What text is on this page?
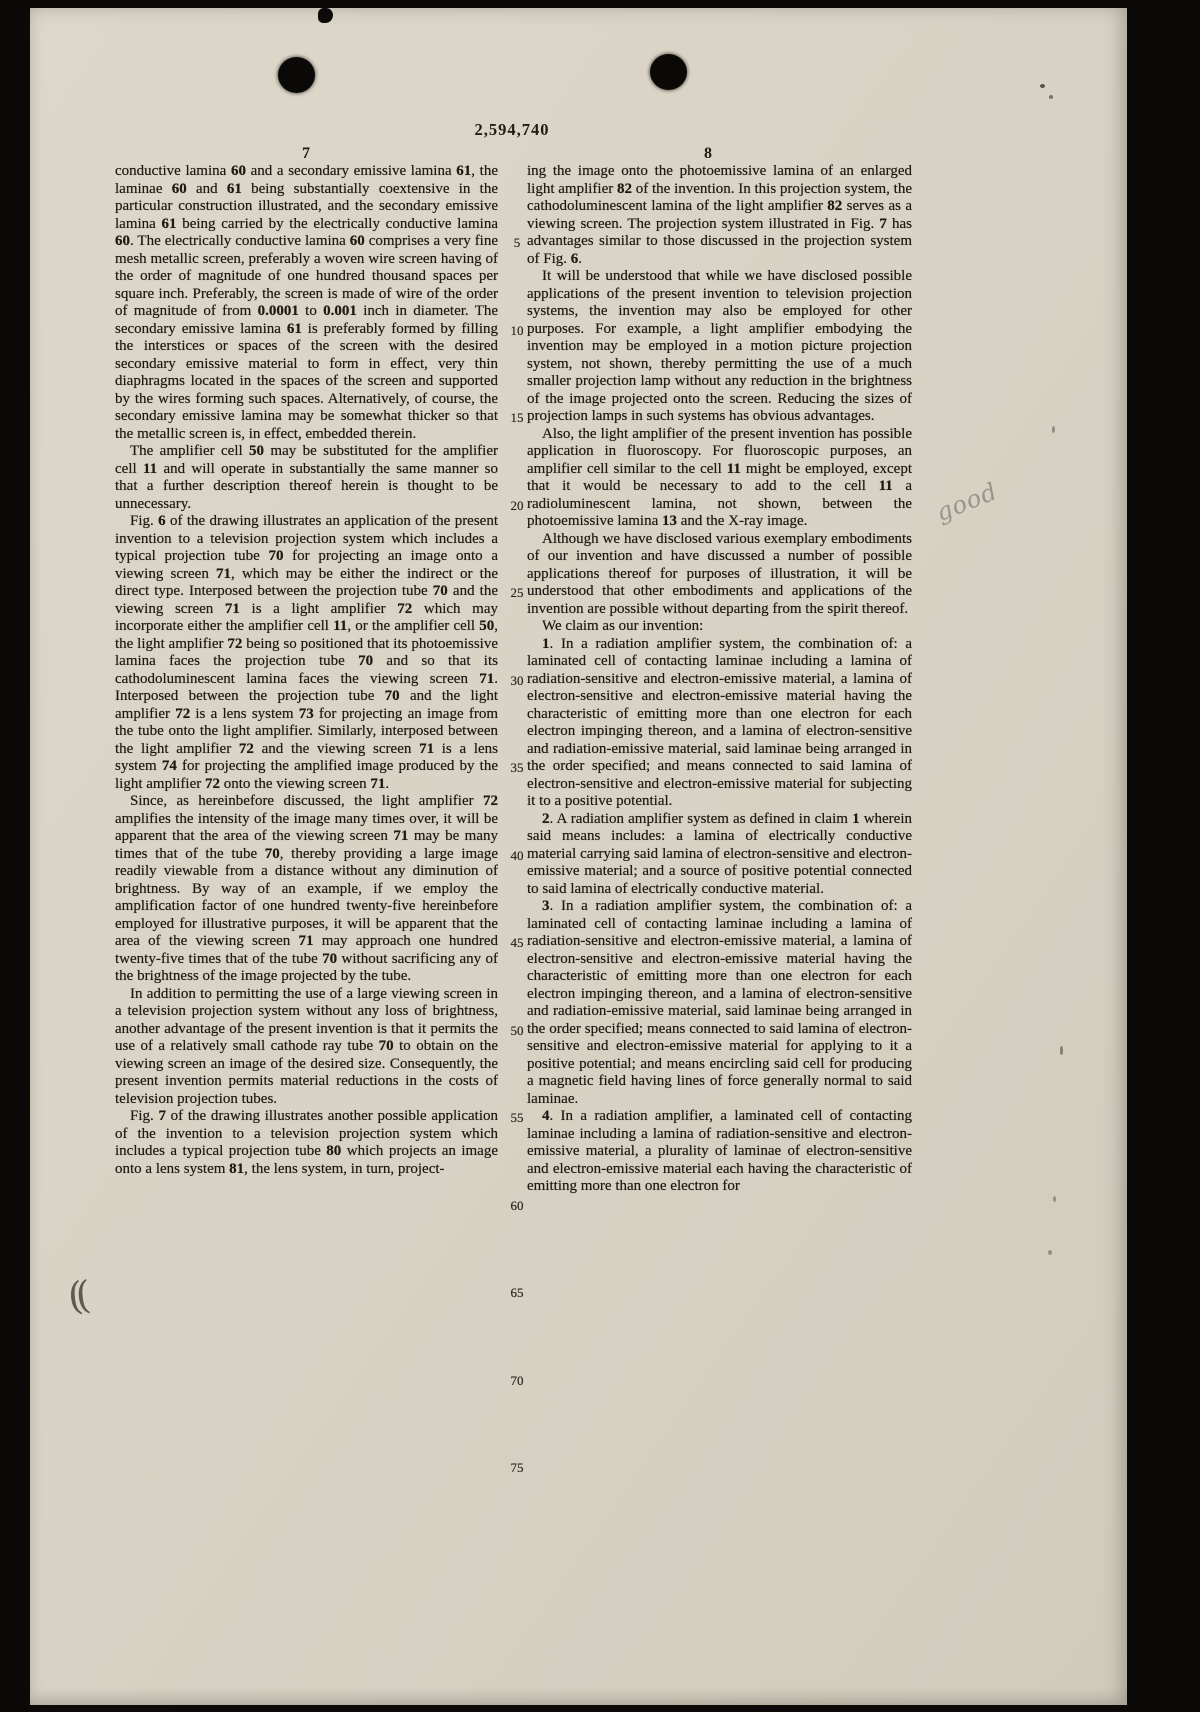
2,594,740
7	8

conductive lamina 60 and a secondary emissive lamina 61, the laminae 60 and 61 being substantially coextensive in the particular construction illustrated, and the secondary emissive lamina 61 being carried by the electrically conductive lamina 60. The electrically conductive lamina 60 comprises a very fine mesh metallic screen, preferably a woven wire screen having of the order of magnitude of one hundred thousand spaces per square inch. Preferably, the screen is made of wire of the order of magnitude of from 0.0001 to 0.001 inch in diameter. The secondary emissive lamina 61 is preferably formed by filling the interstices or spaces of the screen with the desired secondary emissive material to form in effect, very thin diaphragms located in the spaces of the screen and supported by the wires forming such spaces. Alternatively, of course, the secondary emissive lamina may be somewhat thicker so that the metallic screen is, in effect, embedded therein.

The amplifier cell 50 may be substituted for the amplifier cell 11 and will operate in substantially the same manner so that a further description thereof herein is thought to be unnecessary.

Fig. 6 of the drawing illustrates an application of the present invention to a television projection system which includes a typical projection tube 70 for projecting an image onto a viewing screen 71, which may be either the indirect or the direct type. Interposed between the projection tube 70 and the viewing screen 71 is a light amplifier 72 which may incorporate either the amplifier cell 11, or the amplifier cell 50, the light amplifier 72 being so positioned that its photoemissive lamina faces the projection tube 70 and so that its cathodoluminescent lamina faces the viewing screen 71. Interposed between the projection tube 70 and the light amplifier 72 is a lens system 73 for projecting an image from the tube onto the light amplifier. Similarly, interposed between the light amplifier 72 and the viewing screen 71 is a lens system 74 for projecting the amplified image produced by the light amplifier 72 onto the viewing screen 71.

Since, as hereinbefore discussed, the light amplifier 72 amplifies the intensity of the image many times over, it will be apparent that the area of the viewing screen 71 may be many times that of the tube 70, thereby providing a large image readily viewable from a distance without any diminution of brightness. By way of an example, if we employ the amplification factor of one hundred twenty-five hereinbefore employed for illustrative purposes, it will be apparent that the area of the viewing screen 71 may approach one hundred twenty-five times that of the tube 70 without sacrificing any of the brightness of the image projected by the tube.

In addition to permitting the use of a large viewing screen in a television projection system without any loss of brightness, another advantage of the present invention is that it permits the use of a relatively small cathode ray tube 70 to obtain on the viewing screen an image of the desired size. Consequently, the present invention permits material reductions in the costs of television projection tubes.

Fig. 7 of the drawing illustrates another possible application of the invention to a television projection system which includes a typical projection tube 80 which projects an image onto a lens system 81, the lens system, in turn, project-

ing the image onto the photoemissive lamina of an enlarged light amplifier 82 of the invention. In this projection system, the cathodoluminescent lamina of the light amplifier 82 serves as a viewing screen. The projection system illustrated in Fig. 7 has advantages similar to those discussed in the projection system of Fig. 6.

It will be understood that while we have disclosed possible applications of the present invention to television projection systems, the invention may also be employed for other purposes. For example, a light amplifier embodying the invention may be employed in a motion picture projection system, not shown, thereby permitting the use of a much smaller projection lamp without any reduction in the brightness of the image projected onto the screen. Reducing the sizes of projection lamps in such systems has obvious advantages.

Also, the light amplifier of the present invention has possible application in fluoroscopy. For fluoroscopic purposes, an amplifier cell similar to the cell 11 might be employed, except that it would be necessary to add to the cell 11 a radioluminescent lamina, not shown, between the photoemissive lamina 13 and the X-ray image.

Although we have disclosed various exemplary embodiments of our invention and have discussed a number of possible applications thereof for purposes of illustration, it will be understood that other embodiments and applications of the invention are possible without departing from the spirit thereof.

We claim as our invention:

1. In a radiation amplifier system, the combination of: a laminated cell of contacting laminae including a lamina of radiation-sensitive and electron-emissive material, a lamina of electron-sensitive and electron-emissive material having the characteristic of emitting more than one electron for each electron impinging thereon, and a lamina of electron-sensitive and radiation-emissive material, said laminae being arranged in the order specified; and means connected to said lamina of electron-sensitive and electron-emissive material for subjecting it to a positive potential.

2. A radiation amplifier system as defined in claim 1 wherein said means includes: a lamina of electrically conductive material carrying said lamina of electron-sensitive and electron-emissive material; and a source of positive potential connected to said lamina of electrically conductive material.

3. In a radiation amplifier system, the combination of: a laminated cell of contacting laminae including a lamina of radiation-sensitive and electron-emissive material, a lamina of electron-sensitive and electron-emissive material having the characteristic of emitting more than one electron for each electron impinging thereon, and a lamina of electron-sensitive and radiation-emissive material, said laminae being arranged in the order specified; means connected to said lamina of electron-sensitive and electron-emissive material for applying to it a positive potential; and means encircling said cell for producing a magnetic field having lines of force generally normal to said laminae.

4. In a radiation amplifier, a laminated cell of contacting laminae including a lamina of radiation-sensitive and electron-emissive material, a plurality of laminae of electron-sensitive and electron-emissive material each having the characteristic of emitting more than one electron for

5
10
15
20
25
30
35
40
45
50
55
60
65
70
75
good
((
